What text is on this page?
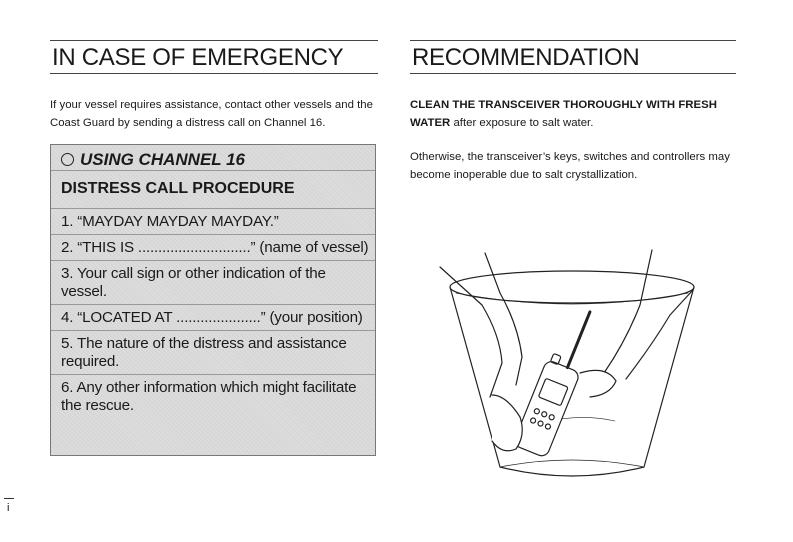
IN CASE OF EMERGENCY

If your vessel requires assistance, contact other vessels and the Coast Guard by sending a distress call on Channel 16.

USING CHANNEL 16
DISTRESS CALL PROCEDURE
1. “MAYDAY MAYDAY MAYDAY.”
2. “THIS IS ............................” (name of vessel)
3. Your call sign or other indication of the vessel.
4. “LOCATED AT .....................” (your position)
5. The nature of the distress and assistance required.
6. Any other information which might facilitate the rescue.
RECOMMENDATION

CLEAN THE TRANSCEIVER THOROUGHLY WITH FRESH WATER after exposure to salt water.

Otherwise, the transceiver’s keys, switches and controllers may become inoperable due to salt crystallization.

i
